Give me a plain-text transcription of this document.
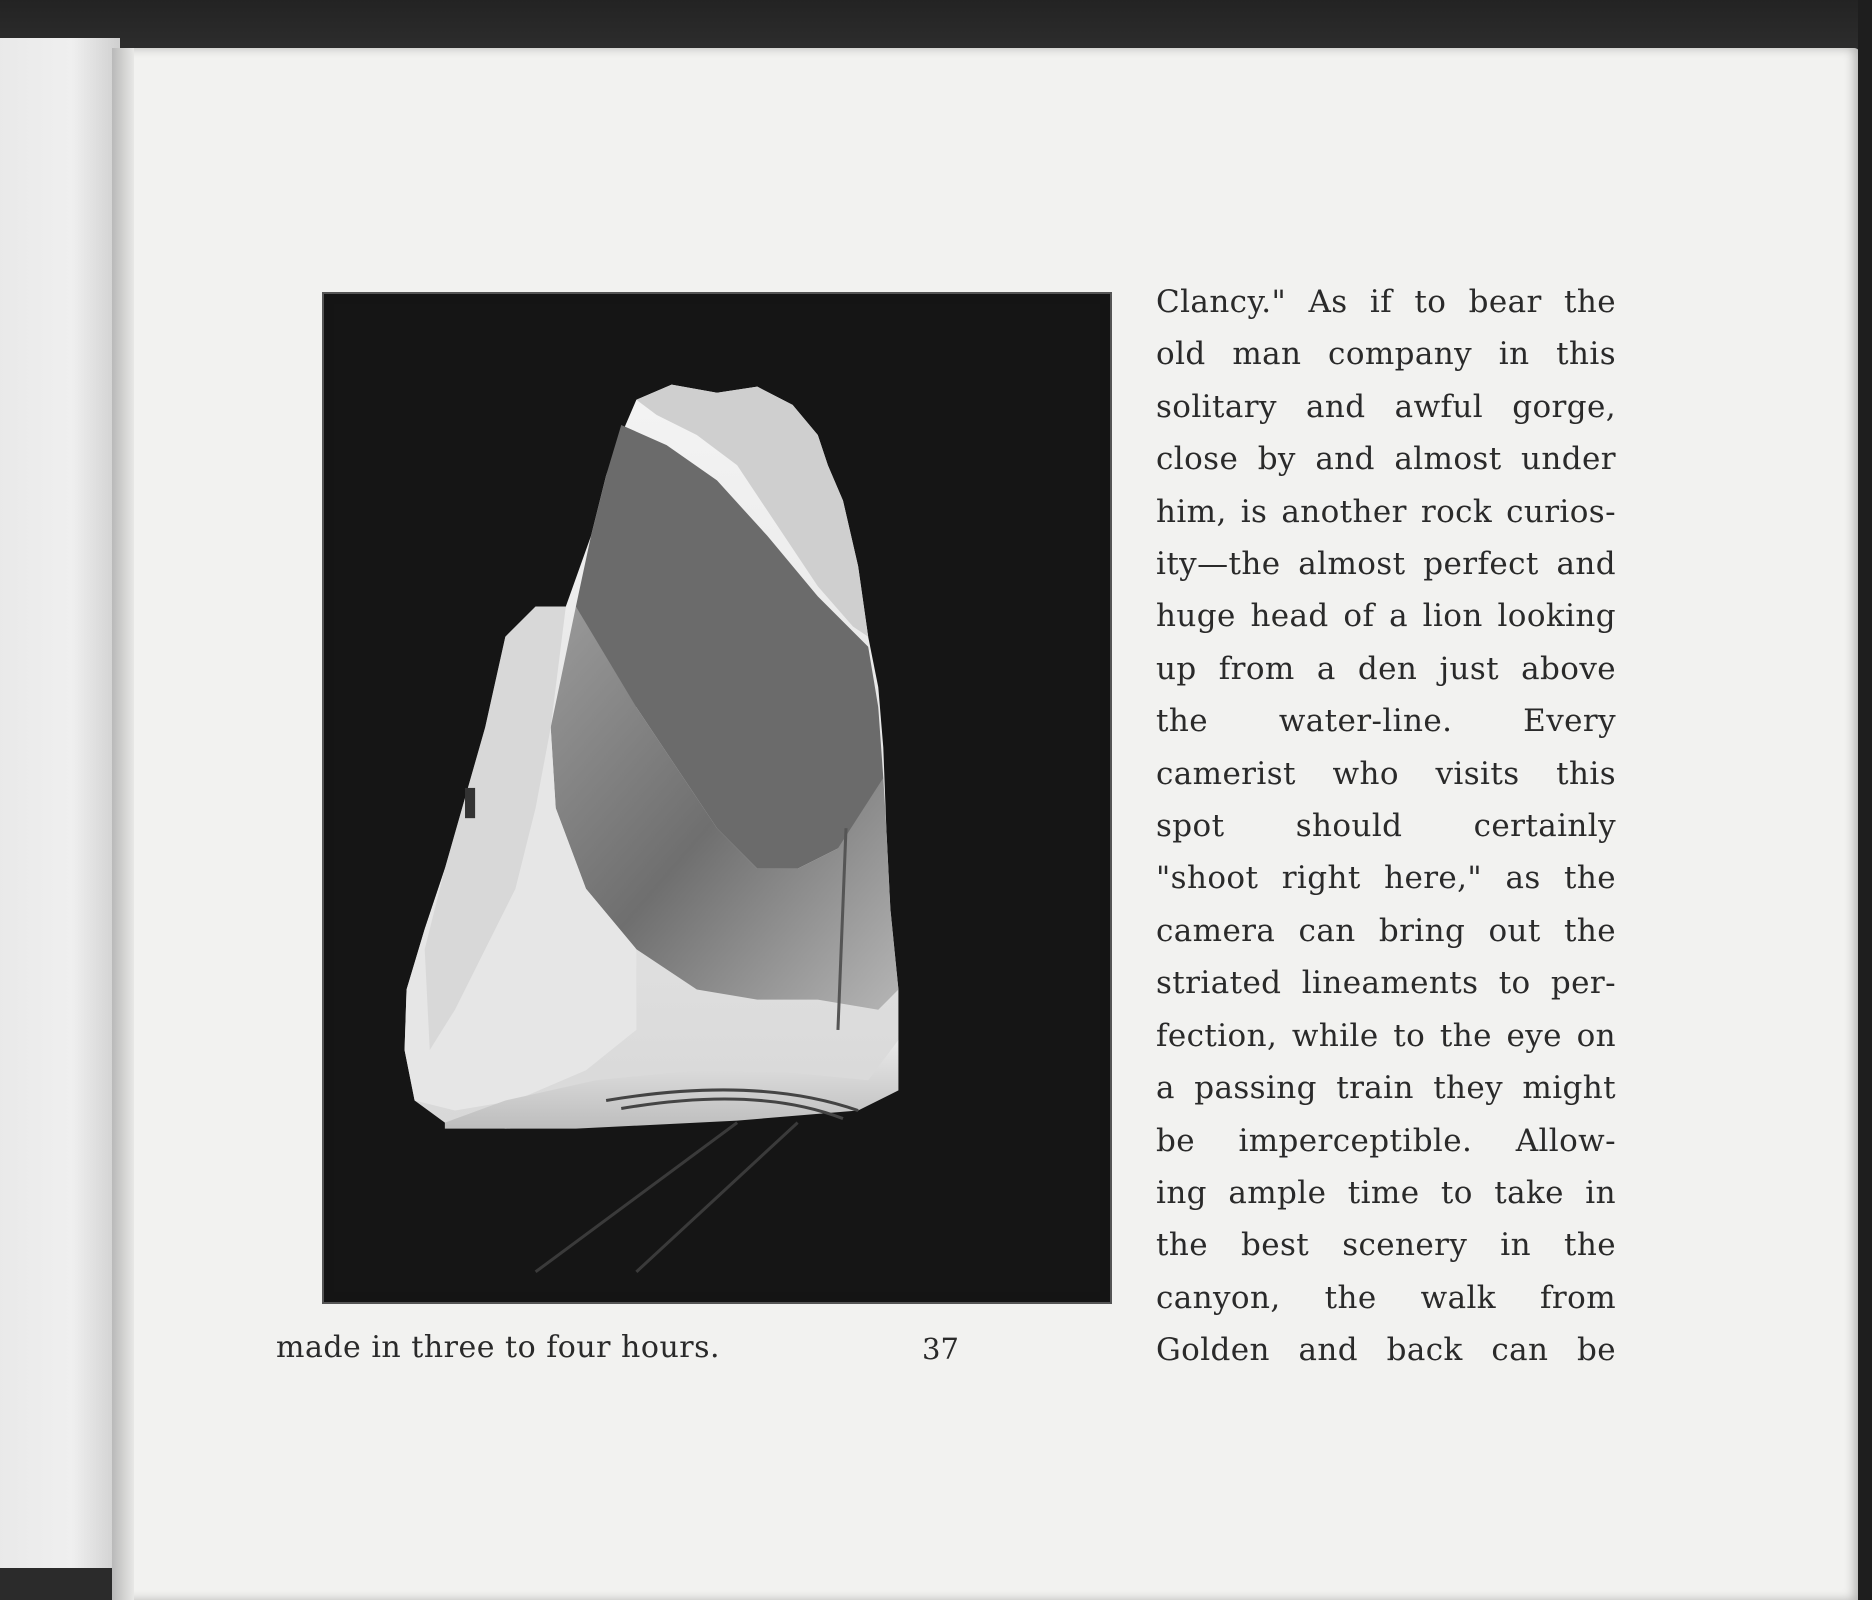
Clancy." As if to bear the
old man company in this
solitary and awful gorge,
close by and almost under
him, is another rock curios-
ity—the almost perfect and
huge head of a lion looking
up from a den just above
the water-line. Every
camerist who visits this
spot should certainly
"shoot right here," as the
camera can bring out the
striated lineaments to per-
fection, while to the eye on
a passing train they might
be imperceptible. Allow-
ing ample time to take in
the best scenery in the
canyon, the walk from
Golden and back can be
made in three to four hours.	37
